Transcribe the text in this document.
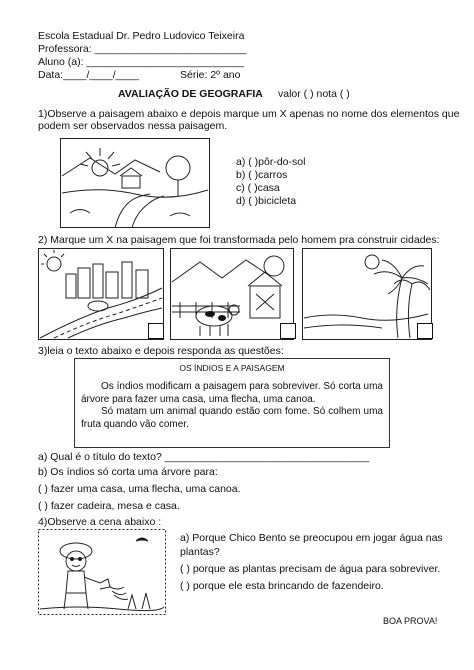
Escola Estadual Dr. Pedro Ludovico Teixeira
Professora: __________________________
Aluno (a): ___________________________
Data:____/____/____	Série: 2º ano
AVALIAÇÃO DE GEOGRAFIA valor ( ) nota ( )
1)Observe a paisagem abaixo e depois marque um X apenas no nome dos elementos que
podem ser observados nessa paisagem.
a) ( )pôr-do-sol
b) ( )carros
c) ( )casa
d) ( )bicicleta
2) Marque um X na paisagem que foi transformada pelo homem pra construir cidades:
3)leia o texto abaixo e depois responda as questões:
OS ÍNDIOS E A PAISAGEM
Os índios modificam a paisagem para sobreviver. Só corta uma árvore para fazer uma casa, uma flecha, uma canoa.
Só matam um animal quando estão com fome. Só colhem uma fruta quando vão comer.
a) Qual é o título do texto? ___________________________________
b) Os índios só corta uma árvore para:
( ) fazer uma casa, uma flecha, uma canoa.
( ) fazer cadeira, mesa e casa.
4)Observe a cena abaixo :
a) Porque Chico Bento se preocupou em jogar água nas
plantas?
( ) porque as plantas precisam de água para sobreviver.
( ) porque ele esta brincando de fazendeiro.
BOA PROVA!
